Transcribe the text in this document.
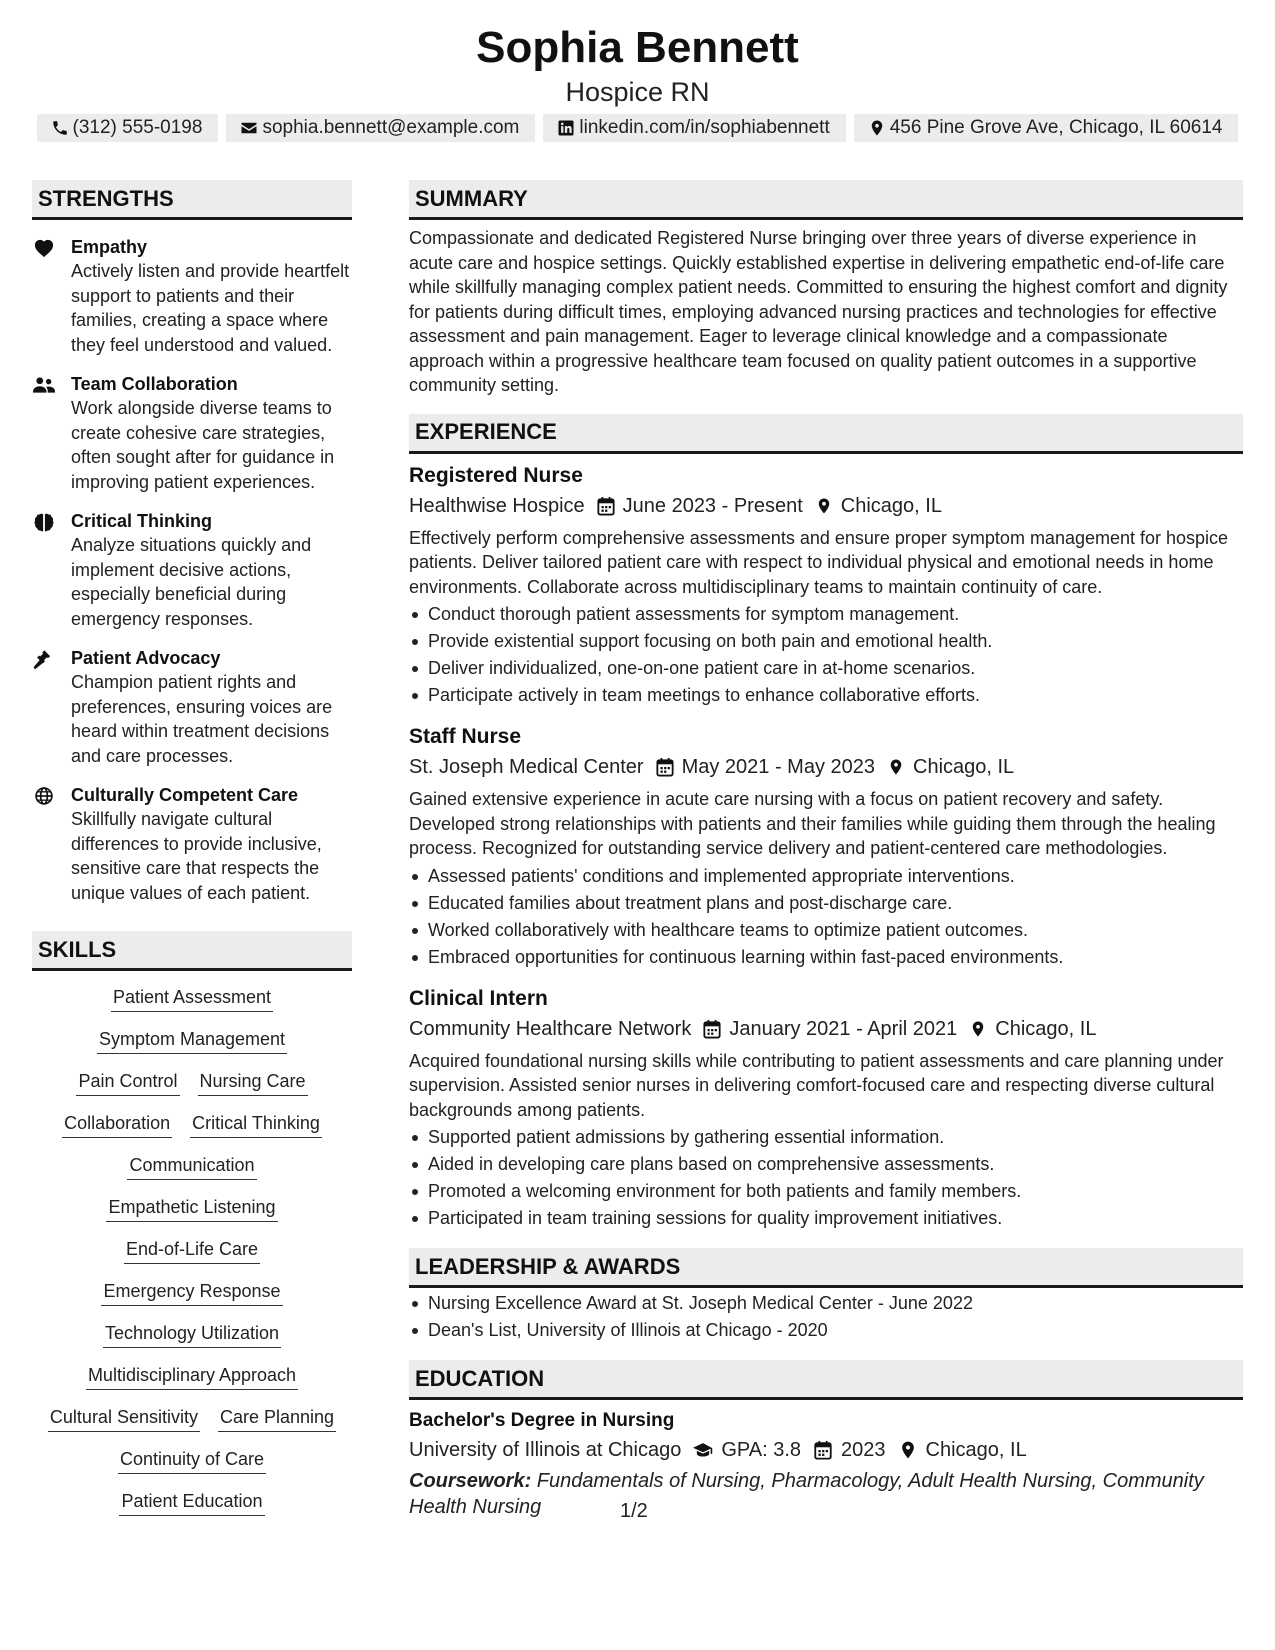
Sophia Bennett
Hospice RN
(312) 555-0198	sophia.bennett@example.com	linkedin.com/in/sophiabennett	456 Pine Grove Ave, Chicago, IL 60614
STRENGTHS
Empathy
Actively listen and provide heartfelt support to patients and their families, creating a space where they feel understood and valued.
Team Collaboration
Work alongside diverse teams to create cohesive care strategies, often sought after for guidance in improving patient experiences.
Critical Thinking
Analyze situations quickly and implement decisive actions, especially beneficial during emergency responses.
Patient Advocacy
Champion patient rights and preferences, ensuring voices are heard within treatment decisions and care processes.
Culturally Competent Care
Skillfully navigate cultural differences to provide inclusive, sensitive care that respects the unique values of each patient.
SKILLS
Patient Assessment
Symptom Management
Pain Control Nursing Care
Collaboration Critical Thinking
Communication
Empathetic Listening
End-of-Life Care
Emergency Response
Technology Utilization
Multidisciplinary Approach
Cultural Sensitivity Care Planning
Continuity of Care
Patient Education
SUMMARY
Compassionate and dedicated Registered Nurse bringing over three years of diverse experience in acute care and hospice settings. Quickly established expertise in delivering empathetic end-of-life care while skillfully managing complex patient needs. Committed to ensuring the highest comfort and dignity for patients during difficult times, employing advanced nursing practices and technologies for effective assessment and pain management. Eager to leverage clinical knowledge and a compassionate approach within a progressive healthcare team focused on quality patient outcomes in a supportive community setting.
EXPERIENCE
Registered Nurse
Healthwise Hospice June 2023 - Present Chicago, IL
Effectively perform comprehensive assessments and ensure proper symptom management for hospice patients. Deliver tailored patient care with respect to individual physical and emotional needs in home environments. Collaborate across multidisciplinary teams to maintain continuity of care.
Conduct thorough patient assessments for symptom management.
Provide existential support focusing on both pain and emotional health.
Deliver individualized, one-on-one patient care in at-home scenarios.
Participate actively in team meetings to enhance collaborative efforts.
Staff Nurse
St. Joseph Medical Center May 2021 - May 2023 Chicago, IL
Gained extensive experience in acute care nursing with a focus on patient recovery and safety. Developed strong relationships with patients and their families while guiding them through the healing process. Recognized for outstanding service delivery and patient-centered care methodologies.
Assessed patients' conditions and implemented appropriate interventions.
Educated families about treatment plans and post-discharge care.
Worked collaboratively with healthcare teams to optimize patient outcomes.
Embraced opportunities for continuous learning within fast-paced environments.
Clinical Intern
Community Healthcare Network January 2021 - April 2021 Chicago, IL
Acquired foundational nursing skills while contributing to patient assessments and care planning under supervision. Assisted senior nurses in delivering comfort-focused care and respecting diverse cultural backgrounds among patients.
Supported patient admissions by gathering essential information.
Aided in developing care plans based on comprehensive assessments.
Promoted a welcoming environment for both patients and family members.
Participated in team training sessions for quality improvement initiatives.
LEADERSHIP & AWARDS
Nursing Excellence Award at St. Joseph Medical Center - June 2022
Dean's List, University of Illinois at Chicago - 2020
EDUCATION
Bachelor's Degree in Nursing
University of Illinois at Chicago GPA: 3.8 2023 Chicago, IL
Coursework: Fundamentals of Nursing, Pharmacology, Adult Health Nursing, Community Health Nursing	1/2
